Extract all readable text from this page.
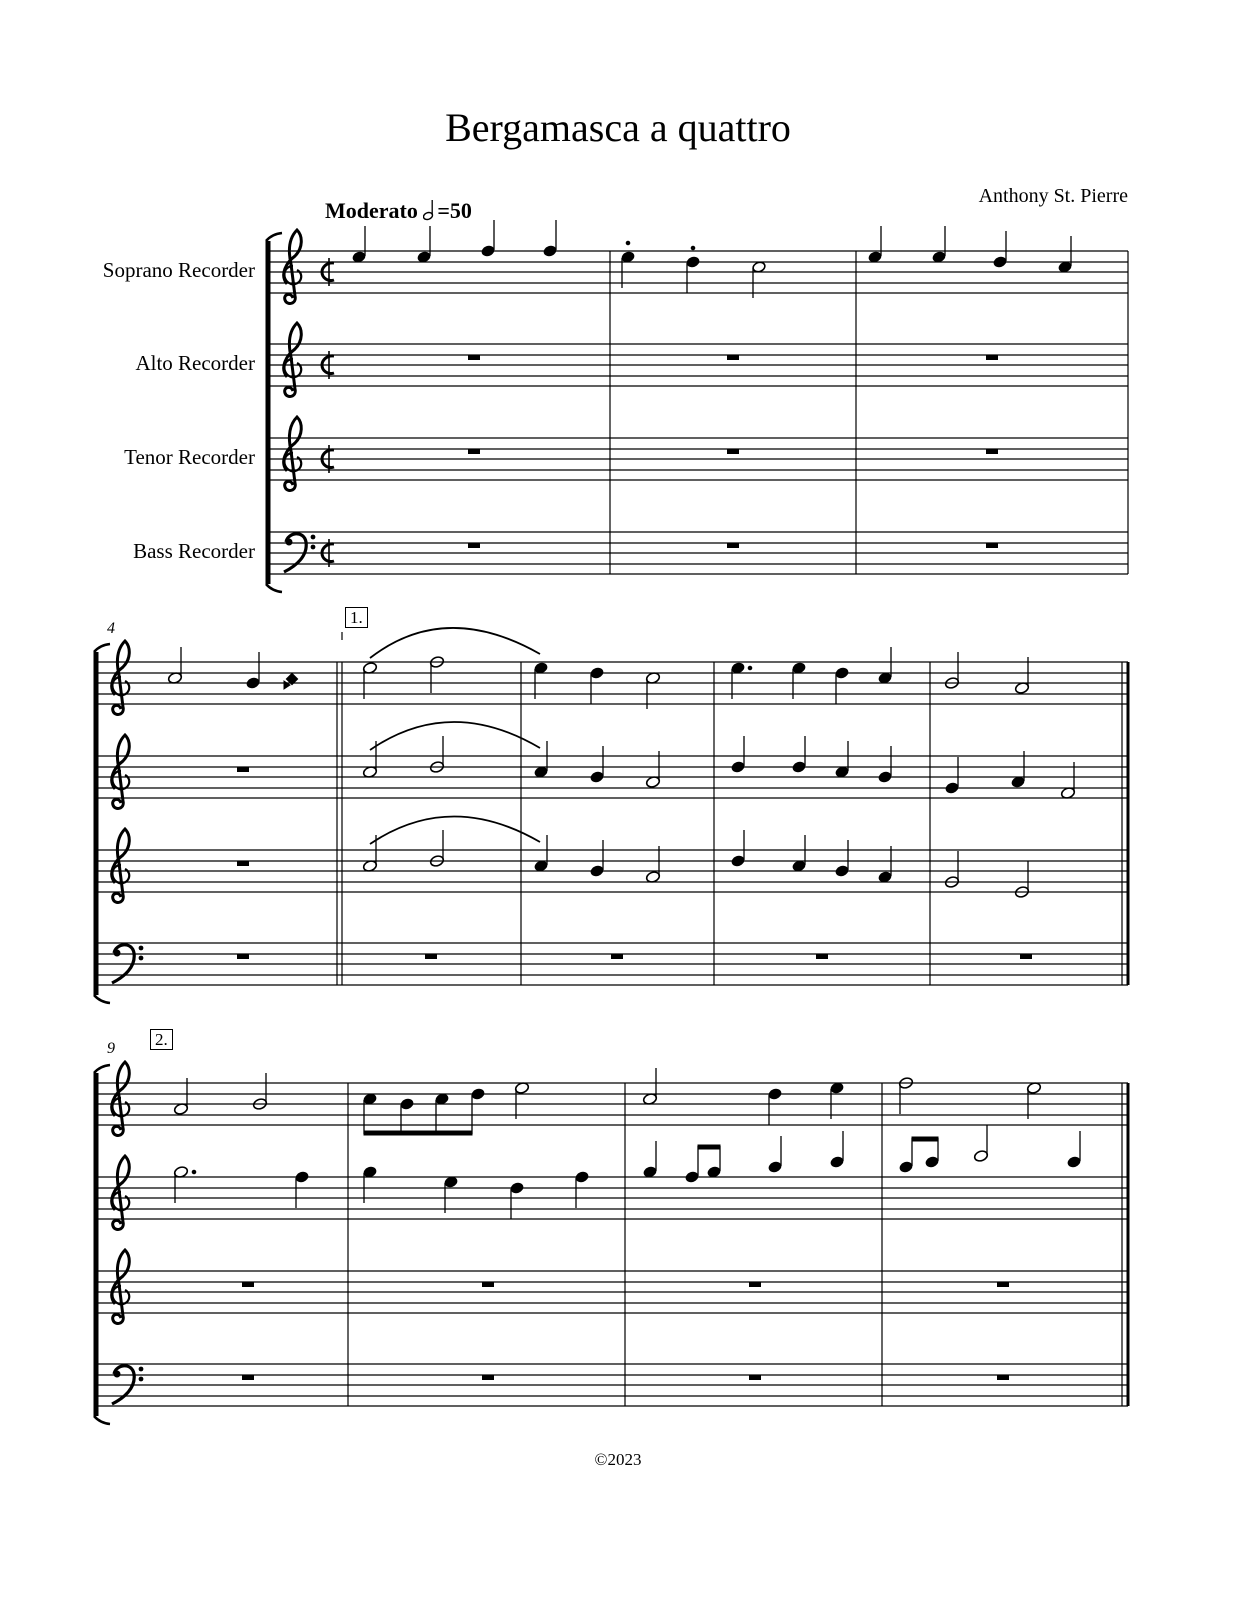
Bergamasca a quattro
Anthony St. Pierre
Moderato =50
Soprano Recorder
Alto Recorder
Tenor Recorder
Bass Recorder
4
9
1.
2.
©2023
